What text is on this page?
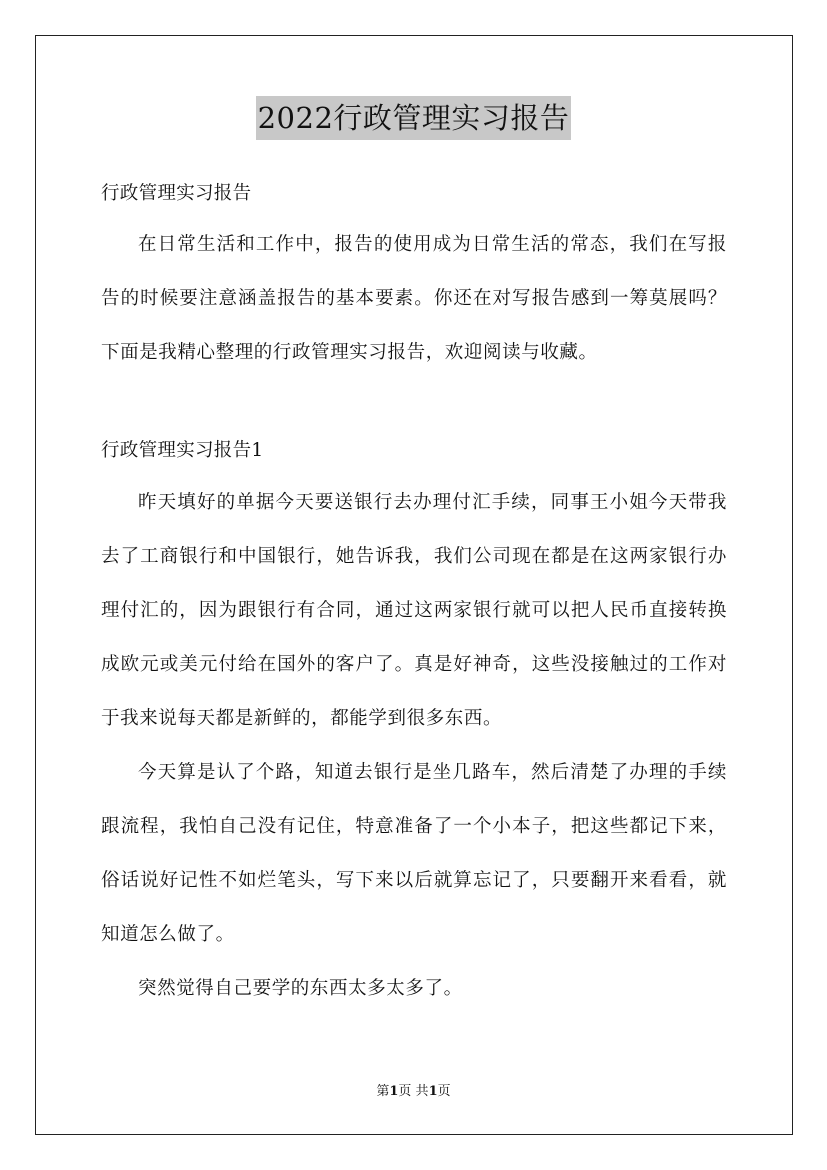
2022行政管理实习报告

行政管理实习报告

在日常生活和工作中，报告的使用成为日常生活的常态，我们在写报告的时候要注意涵盖报告的基本要素。你还在对写报告感到一筹莫展吗？下面是我精心整理的行政管理实习报告，欢迎阅读与收藏。

行政管理实习报告1

昨天填好的单据今天要送银行去办理付汇手续，同事王小姐今天带我去了工商银行和中国银行，她告诉我，我们公司现在都是在这两家银行办理付汇的，因为跟银行有合同，通过这两家银行就可以把人民币直接转换成欧元或美元付给在国外的客户了。真是好神奇，这些没接触过的工作对于我来说每天都是新鲜的，都能学到很多东西。

今天算是认了个路，知道去银行是坐几路车，然后清楚了办理的手续跟流程，我怕自己没有记住，特意准备了一个小本子，把这些都记下来，俗话说好记性不如烂笔头，写下来以后就算忘记了，只要翻开来看看，就知道怎么做了。

突然觉得自己要学的东西太多太多了。

第1页 共1页
